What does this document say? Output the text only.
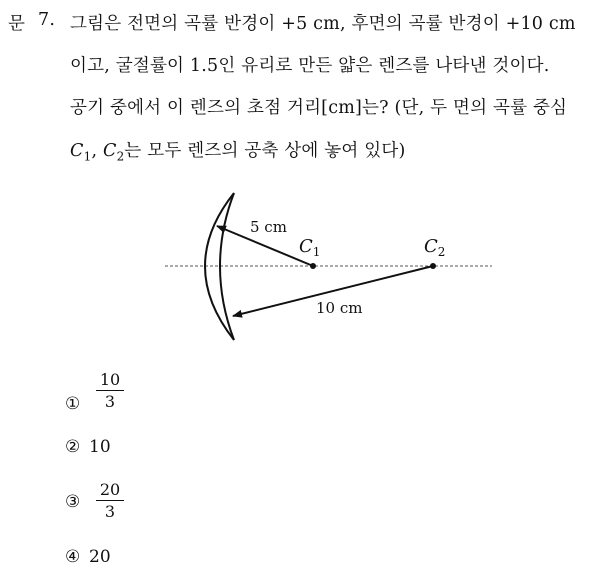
문 7. 그림은 전면의 곡률 반경이 +5 cm, 후면의 곡률 반경이 +10 cm
이고, 굴절률이 1.5인 유리로 만든 얇은 렌즈를 나타낸 것이다.
공기 중에서 이 렌즈의 초점 거리[cm]는? (단, 두 면의 곡률 중심
$C_1$, $C_2$는 모두 렌즈의 공축 상에 놓여 있다)
5 cm
10 cm
$C_1$	$C_2$
① $\frac{10}{3}$
② 10
③ $\frac{20}{3}$
④ 20
